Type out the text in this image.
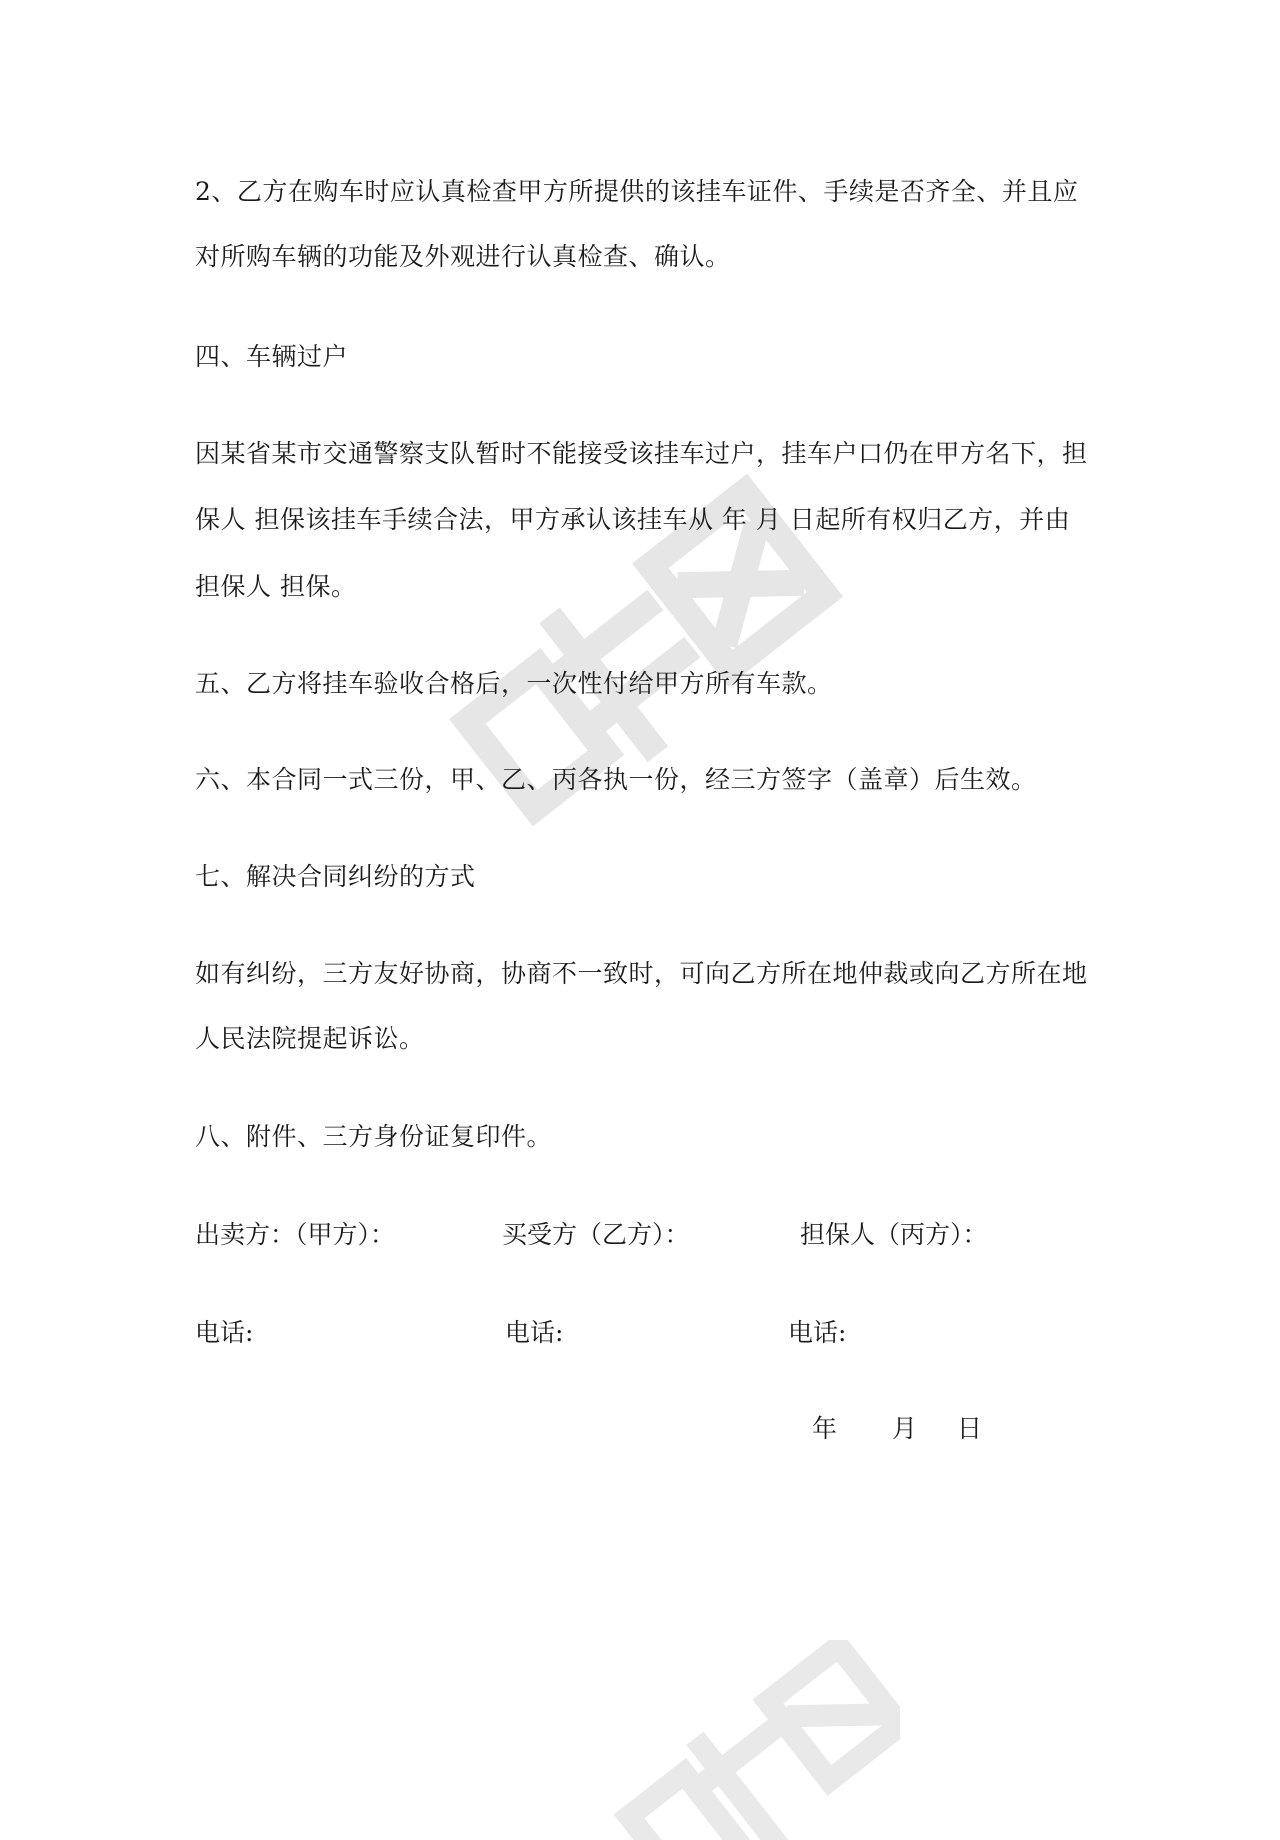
2、乙方在购车时应认真检查甲方所提供的该挂车证件、手续是否齐全、并且应
对所购车辆的功能及外观进行认真检查、确认。
四、车辆过户
因某省某市交通警察支队暂时不能接受该挂车过户，挂车户口仍在甲方名下，担
保人 担保该挂车手续合法，甲方承认该挂车从 年 月 日起所有权归乙方，并由
担保人 担保。
五、乙方将挂车验收合格后，一次性付给甲方所有车款。
六、本合同一式三份，甲、乙、丙各执一份，经三方签字（盖章）后生效。
七、解决合同纠纷的方式
如有纠纷，三方友好协商，协商不一致时，可向乙方所在地仲裁或向乙方所在地
人民法院提起诉讼。
八、附件、三方身份证复印件。
出卖方：（甲方）：	买受方（乙方）：	担保人（丙方）：
电话:	电话:	电话:
年 月 日
